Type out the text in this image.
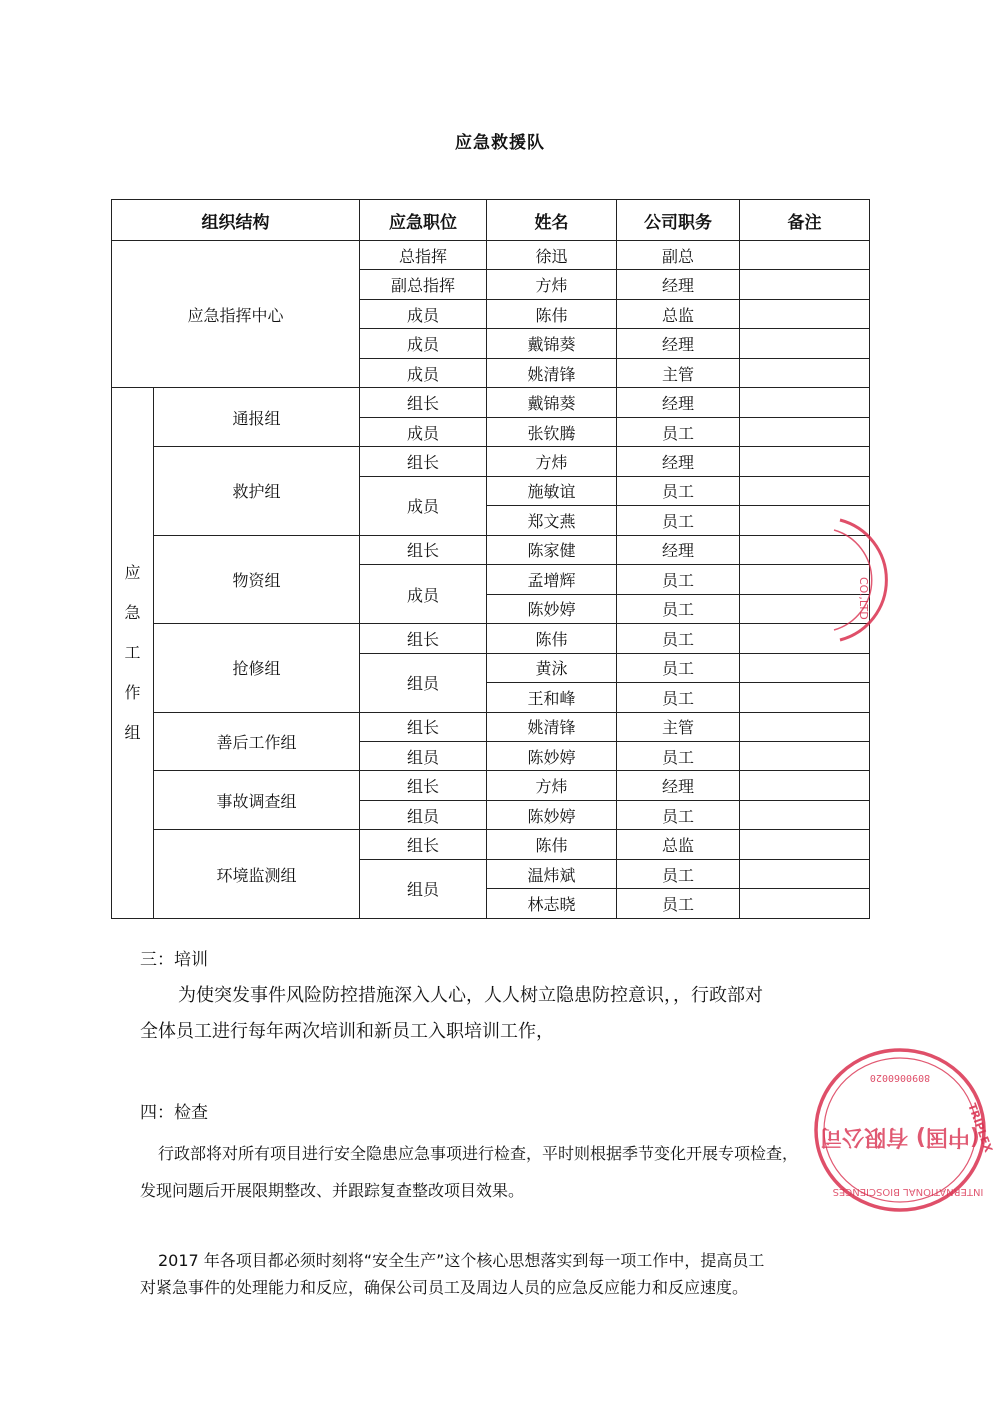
应急救援队
组织结构		应急职位	姓名	公司职务	备注
应急指挥中心		总指挥	徐迅	副总	
		副总指挥	方炜	经理	
		成员	陈伟	总监	
		成员	戴锦葵	经理	
		成员	姚清锋	主管	

应
急
工
作
组	通报组	组长	戴锦葵	经理	
		成员	张钦腾	员工	
	救护组	组长	方炜	经理	
		成员	施敏谊	员工	
			郑文燕	员工	
	物资组	组长	陈家健	经理	
		成员	孟增辉	员工	
			陈妙婷	员工	
	抢修组	组长	陈伟	员工	
		组员	黄泳	员工	
			王和峰	员工	
	善后工作组	组长	姚清锋	主管	
		组员	陈妙婷	员工	
	事故调查组	组长	方炜	经理	
		组员	陈妙婷	员工	
	环境监测组	组长	陈伟	总监	
		组员	温炜斌	员工	
			林志晓	员工	
三：培训
为使突发事件风险防控措施深入人心，人人树立隐患防控意识，，行政部对
全体员工进行每年两次培训和新员工入职培训工作，
四：检查
行政部将对所有项目进行安全隐患应急事项进行检查，平时则根据季节变化开展专项检查，
发现问题后开展限期整改、并跟踪复查整改项目效果。
2017 年各项目都必须时刻将“安全生产”这个核心思想落实到每一项工作中，提高员工
对紧急事件的处理能力和反应，确保公司员工及周边人员的应急反应能力和反应速度。
CO.,LTD
8090060020
(中国) 有限公司
INTERNATIONAL BIOSCIENCES
TRIPLEX
